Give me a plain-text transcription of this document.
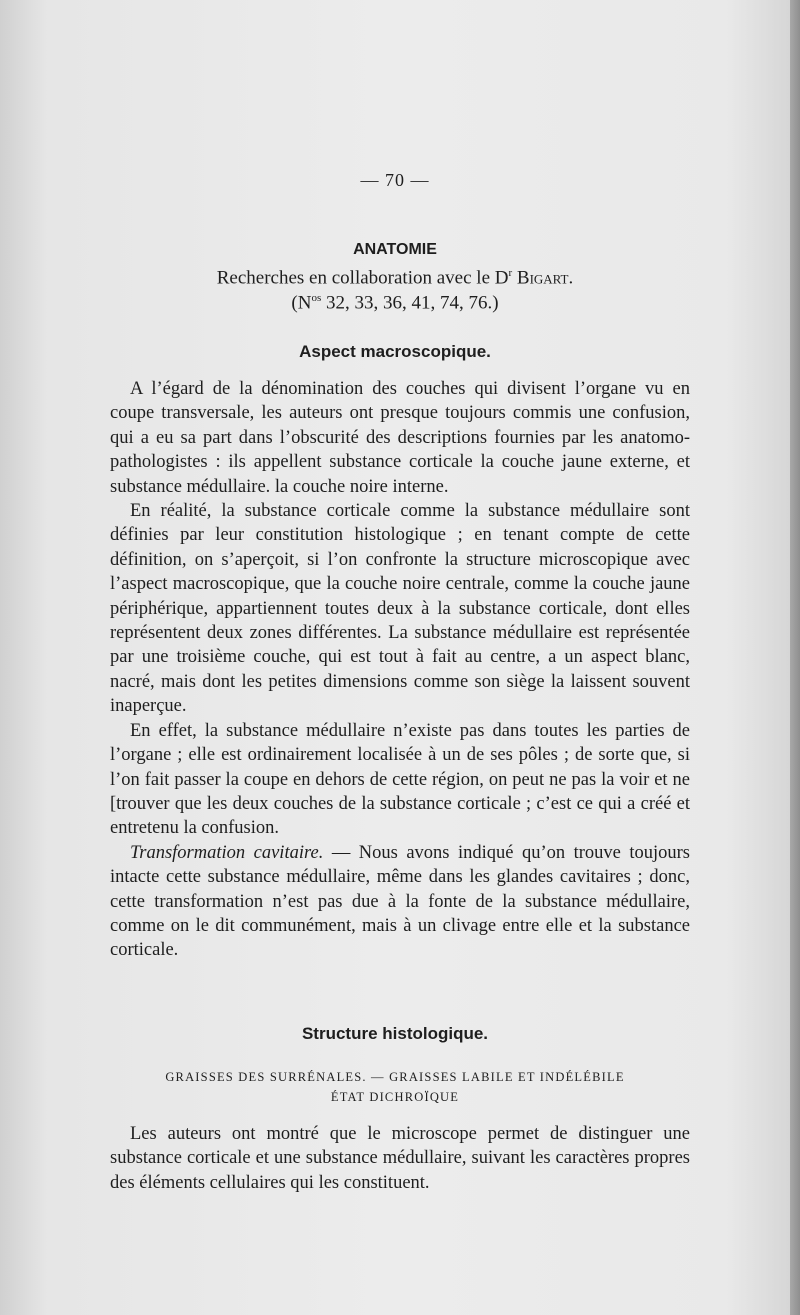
— 70 —
ANATOMIE
Recherches en collaboration avec le $D^r$ Bigart.
($N^{os}$ 32, 33, 36, 41, 74, 76.)
Aspect macroscopique.

A l’égard de la dénomination des couches qui divisent l’organe vu en coupe transversale, les auteurs ont presque toujours commis une confusion, qui a eu sa part dans l’obscurité des descriptions fournies par les anatomo-pathologistes : ils appellent substance corticale la couche jaune externe, et substance médullaire. la couche noire interne.

En réalité, la substance corticale comme la substance médullaire sont définies par leur constitution histologique ; en tenant compte de cette définition, on s’aperçoit, si l’on confronte la structure microscopique avec l’aspect macroscopique, que la couche noire centrale, comme la couche jaune périphérique, appartiennent toutes deux à la substance corticale, dont elles représentent deux zones différentes. La substance médullaire est représentée par une troisième couche, qui est tout à fait au centre, a un aspect blanc, nacré, mais dont les petites dimensions comme son siège la laissent souvent inaperçue.

En effet, la substance médullaire n’existe pas dans toutes les parties de l’organe ; elle est ordinairement localisée à un de ses pôles ; de sorte que, si l’on fait passer la coupe en dehors de cette région, on peut ne pas la voir et ne [trouver que les deux couches de la substance corticale ; c’est ce qui a créé et entretenu la confusion.

Transformation cavitaire. — Nous avons indiqué qu’on trouve toujours intacte cette substance médullaire, même dans les glandes cavitaires ; donc, cette transformation n’est pas due à la fonte de la substance médullaire, comme on le dit communément, mais à un clivage entre elle et la substance corticale.

Structure histologique.
GRAISSES DES SURRÉNALES. — GRAISSES LABILE ET INDÉLÉBILE
ÉTAT DICHROÏQUE

Les auteurs ont montré que le microscope permet de distinguer une substance corticale et une substance médullaire, suivant les caractères propres des éléments cellulaires qui les constituent.
